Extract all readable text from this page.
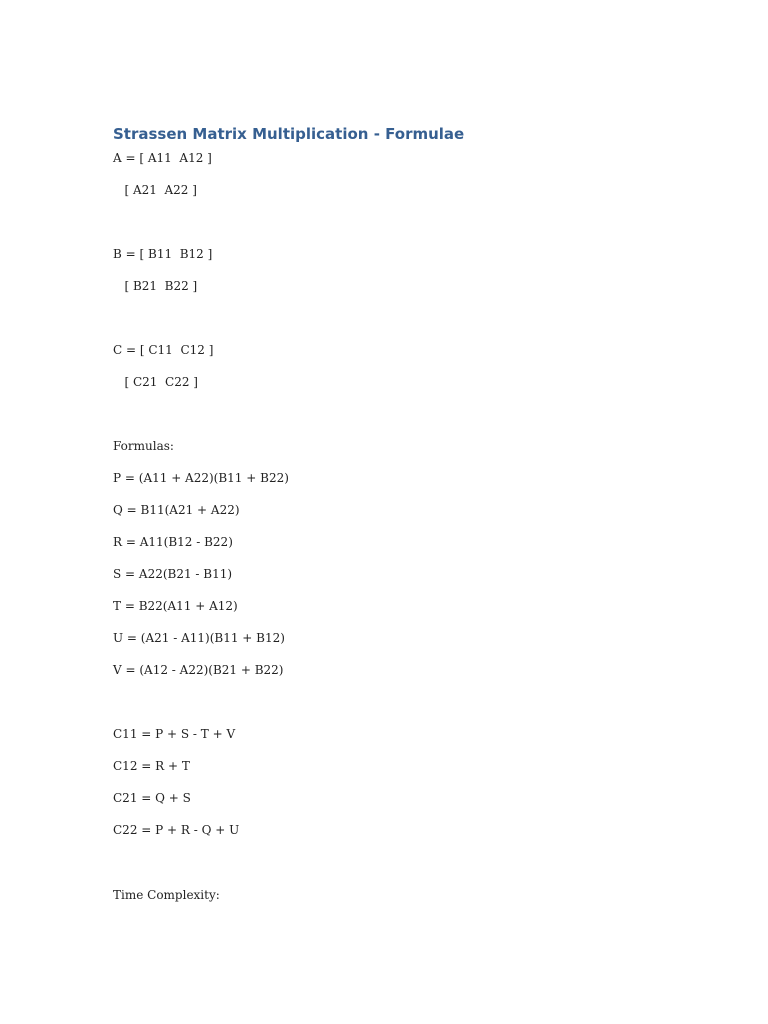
Strassen Matrix Multiplication - Formulae

A = [ A11  A12 ]

[ A21  A22 ]

B = [ B11  B12 ]

[ B21  B22 ]

C = [ C11  C12 ]

[ C21  C22 ]

Formulas:

P = (A11 + A22)(B11 + B22)

Q = B11(A21 + A22)

R = A11(B12 - B22)

S = A22(B21 - B11)

T = B22(A11 + A12)

U = (A21 - A11)(B11 + B12)

V = (A12 - A22)(B21 + B22)

C11 = P + S - T + V

C12 = R + T

C21 = Q + S

C22 = P + R - Q + U

Time Complexity:
